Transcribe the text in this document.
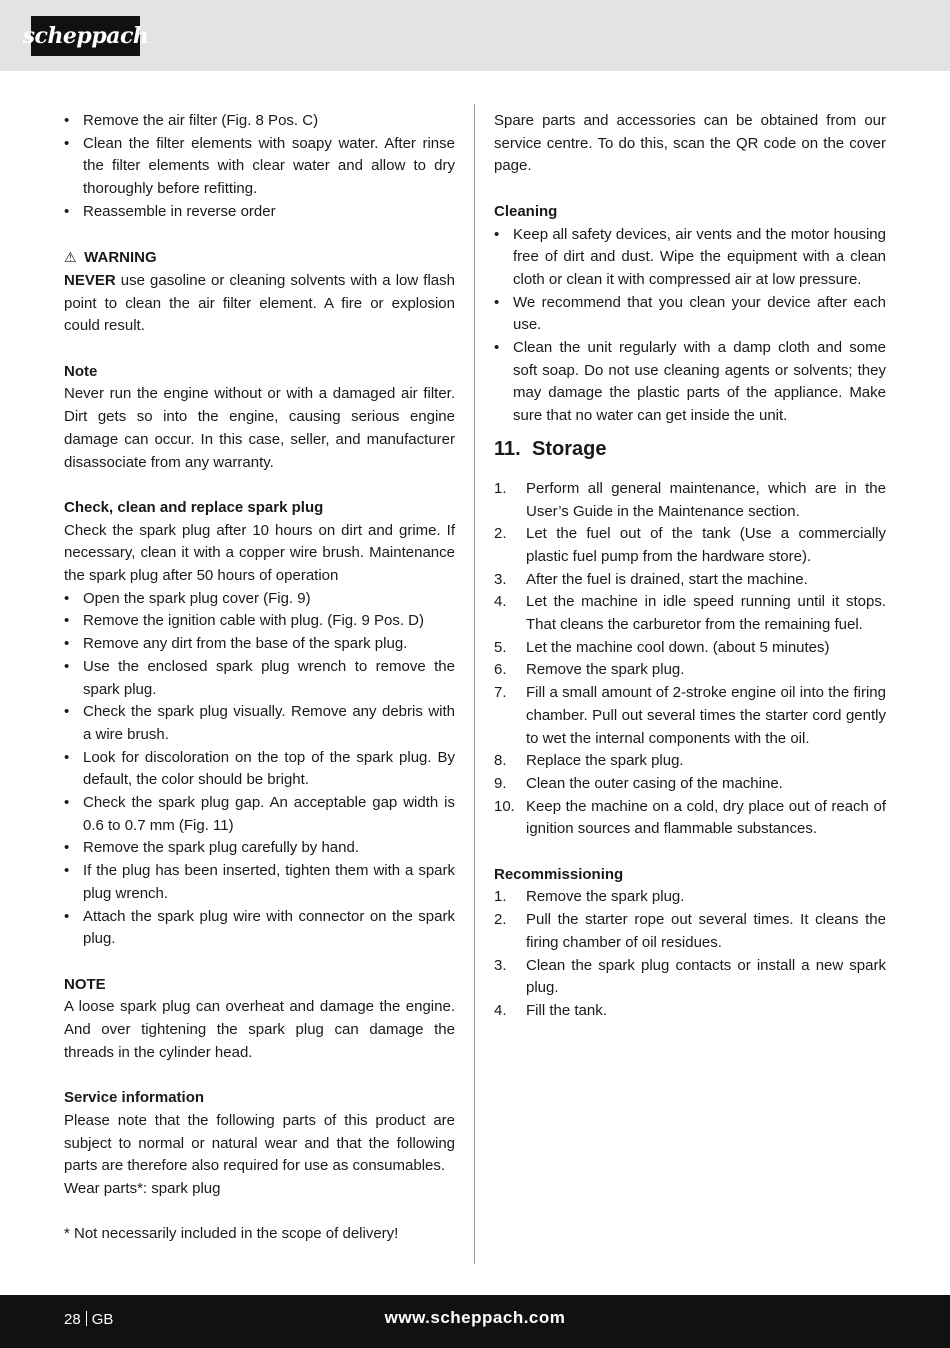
scheppach
• Remove the air filter (Fig. 8 Pos. C)
• Clean the filter elements with soapy water. After rinse the filter elements with clear water and allow to dry thoroughly before refitting.
• Reassemble in reverse order

⚠ WARNING

NEVER use gasoline or cleaning solvents with a low flash point to clean the air filter element. A fire or explosion could result.

Note

Never run the engine without or with a damaged air filter. Dirt gets so into the engine, causing serious engine damage can occur. In this case, seller, and manufacturer disassociate from any warranty.

Check, clean and replace spark plug

Check the spark plug after 10 hours on dirt and grime. If necessary, clean it with a copper wire brush. Maintenance the spark plug after 50 hours of operation

• Open the spark plug cover (Fig. 9)
• Remove the ignition cable with plug. (Fig. 9 Pos. D)
• Remove any dirt from the base of the spark plug.
• Use the enclosed spark plug wrench to remove the spark plug.
• Check the spark plug visually. Remove any debris with a wire brush.
• Look for discoloration on the top of the spark plug. By default, the color should be bright.
• Check the spark plug gap. An acceptable gap width is 0.6 to 0.7 mm (Fig. 11)
• Remove the spark plug carefully by hand.
• If the plug has been inserted, tighten them with a spark plug wrench.
• Attach the spark plug wire with connector on the spark plug.

NOTE

A loose spark plug can overheat and damage the engine. And over tightening the spark plug can damage the threads in the cylinder head.

Service information

Please note that the following parts of this product are subject to normal or natural wear and that the following parts are therefore also required for use as consumables.

Wear parts*: spark plug

* Not necessarily included in the scope of delivery!

Spare parts and accessories can be obtained from our service centre. To do this, scan the QR code on the cover page.

Cleaning

• Keep all safety devices, air vents and the motor housing free of dirt and dust. Wipe the equipment with a clean cloth or clean it with compressed air at low pressure.
• We recommend that you clean your device after each use.
• Clean the unit regularly with a damp cloth and some soft soap. Do not use cleaning agents or solvents; they may damage the plastic parts of the appliance. Make sure that no water can get inside the unit.
11. Storage
1. Perform all general maintenance, which are in the User’s Guide in the Maintenance section.
2. Let the fuel out of the tank (Use a commercially plastic fuel pump from the hardware store).
3. After the fuel is drained, start the machine.
4. Let the machine in idle speed running until it stops. That cleans the carburetor from the remaining fuel.
5. Let the machine cool down. (about 5 minutes)
6. Remove the spark plug.
7. Fill a small amount of 2-stroke engine oil into the firing chamber. Pull out several times the starter cord gently to wet the internal components with the oil.
8. Replace the spark plug.
9. Clean the outer casing of the machine.
10. Keep the machine on a cold, dry place out of reach of ignition sources and flammable substances.

Recommissioning

1. Remove the spark plug.
2. Pull the starter rope out several times. It cleans the firing chamber of oil residues.
3. Clean the spark plug contacts or install a new spark plug.
4. Fill the tank.
28 GB	www.scheppach.com
